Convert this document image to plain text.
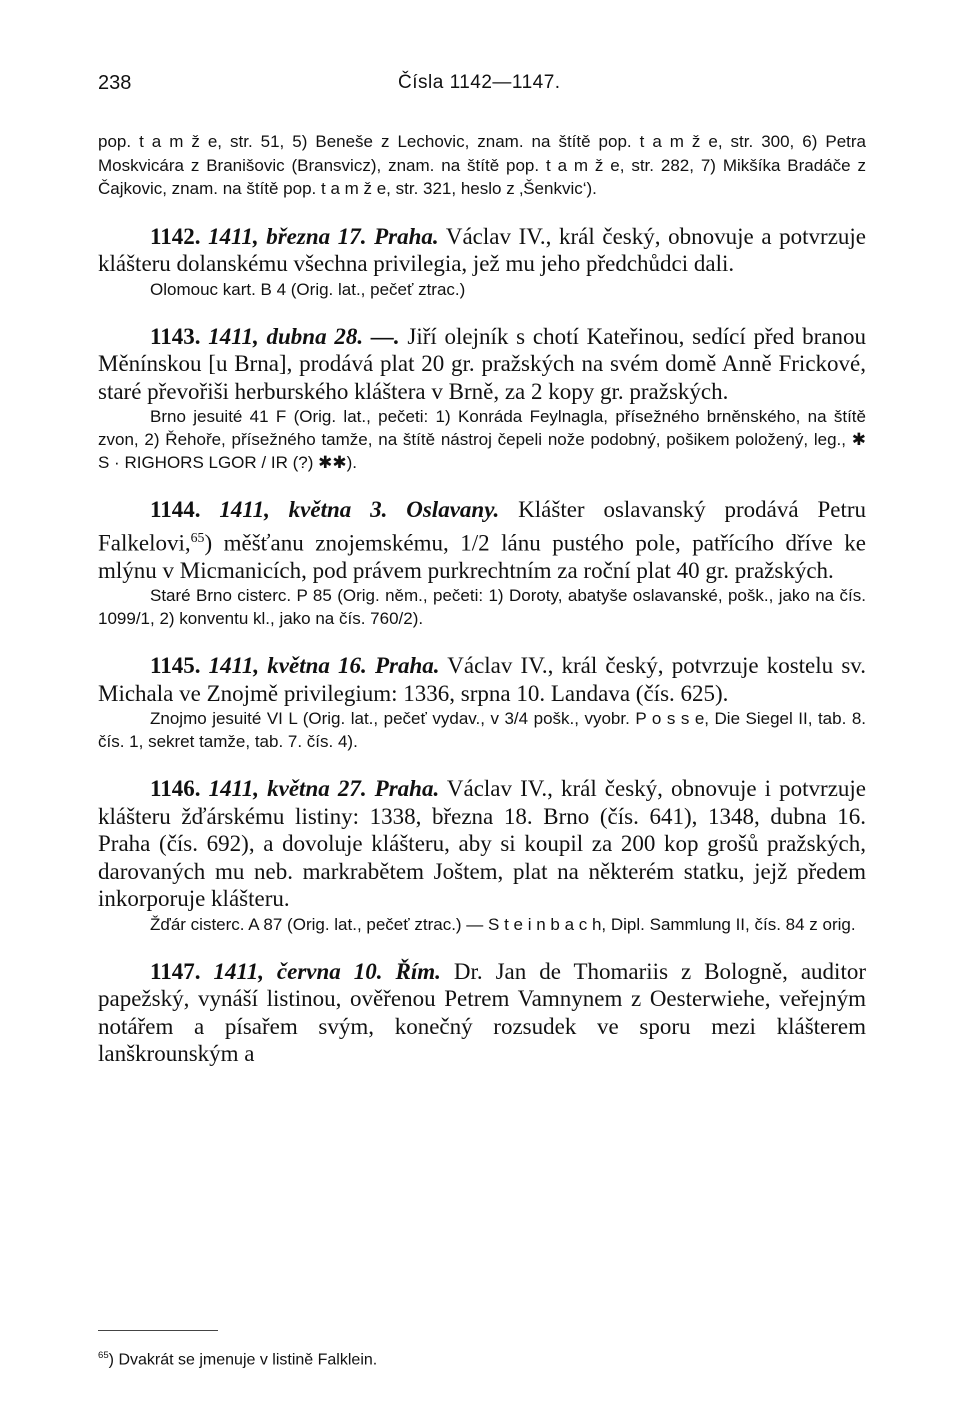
238	Čísla 1142—1147.
pop. t a m ž e, str. 51, 5) Beneše z Lechovic, znam. na štítě pop. t a m ž e, str. 300, 6) Petra Moskvicára z Branišovic (Bransvicz), znam. na štítě pop. t a m ž e, str. 282, 7) Mikšíka Bradáče z Čajkovic, znam. na štítě pop. t a m ž e, str. 321, heslo z ‚Šenkvic‘).
1142. 1411, března 17. Praha. Václav IV., král český, obnovuje a potvrzuje klášteru dolanskému všechna privilegia, jež mu jeho předchůdci dali.
Olomouc kart. B 4 (Orig. lat., pečeť ztrac.)
1143. 1411, dubna 28. —. Jiří olejník s chotí Kateřinou, sedící před branou Měnínskou [u Brna], prodává plat 20 gr. pražských na svém domě Anně Frickové, staré převořiši herburského kláštera v Brně, za 2 kopy gr. pražských.
Brno jesuité 41 F (Orig. lat., pečeti: 1) Konráda Feylnagla, přísežného brněnského, na štítě zvon, 2) Řehoře, přísežného tamže, na štítě nástroj čepeli nože podobný, pošikem položený, leg., ✱ S · RIGHORS LGOR / IR (?) ✱✱).
1144. 1411, května 3. Oslavany. Klášter oslavanský prodává Petru Falkelovi,$^{65}$) měšťanu znojemskému, 1/2 lánu pustého pole, patřícího dříve ke mlýnu v Micmanicích, pod právem purkrechtním za roční plat 40 gr. pražských.
Staré Brno cisterc. P 85 (Orig. něm., pečeti: 1) Doroty, abatyše oslavanské, pošk., jako na čís. 1099/1, 2) konventu kl., jako na čís. 760/2).
1145. 1411, května 16. Praha. Václav IV., král český, potvrzuje kostelu sv. Michala ve Znojmě privilegium: 1336, srpna 10. Landava (čís. 625).
Znojmo jesuité VI L (Orig. lat., pečeť vydav., v 3/4 pošk., vyobr. P o s s e, Die Siegel II, tab. 8. čís. 1, sekret tamže, tab. 7. čís. 4).
1146. 1411, května 27. Praha. Václav IV., král český, obnovuje i potvrzuje klášteru žďárskému listiny: 1338, března 18. Brno (čís. 641), 1348, dubna 16. Praha (čís. 692), a dovoluje klášteru, aby si koupil za 200 kop grošů pražských, darovaných mu neb. markrabětem Joštem, plat na některém statku, jejž předem inkorporuje klášteru.
Žďár cisterc. A 87 (Orig. lat., pečeť ztrac.) — S t e i n b a c h, Dipl. Sammlung II, čís. 84 z orig.
1147. 1411, června 10. Řím. Dr. Jan de Thomariis z Bologně, auditor papežský, vynáší listinou, ověřenou Petrem Vamnynem z Oesterwiehe, veřejným notářem a písařem svým, konečný rozsudek ve sporu mezi klášterem lanškrounským a
$^{65}$) Dvakrát se jmenuje v listině Falklein.
